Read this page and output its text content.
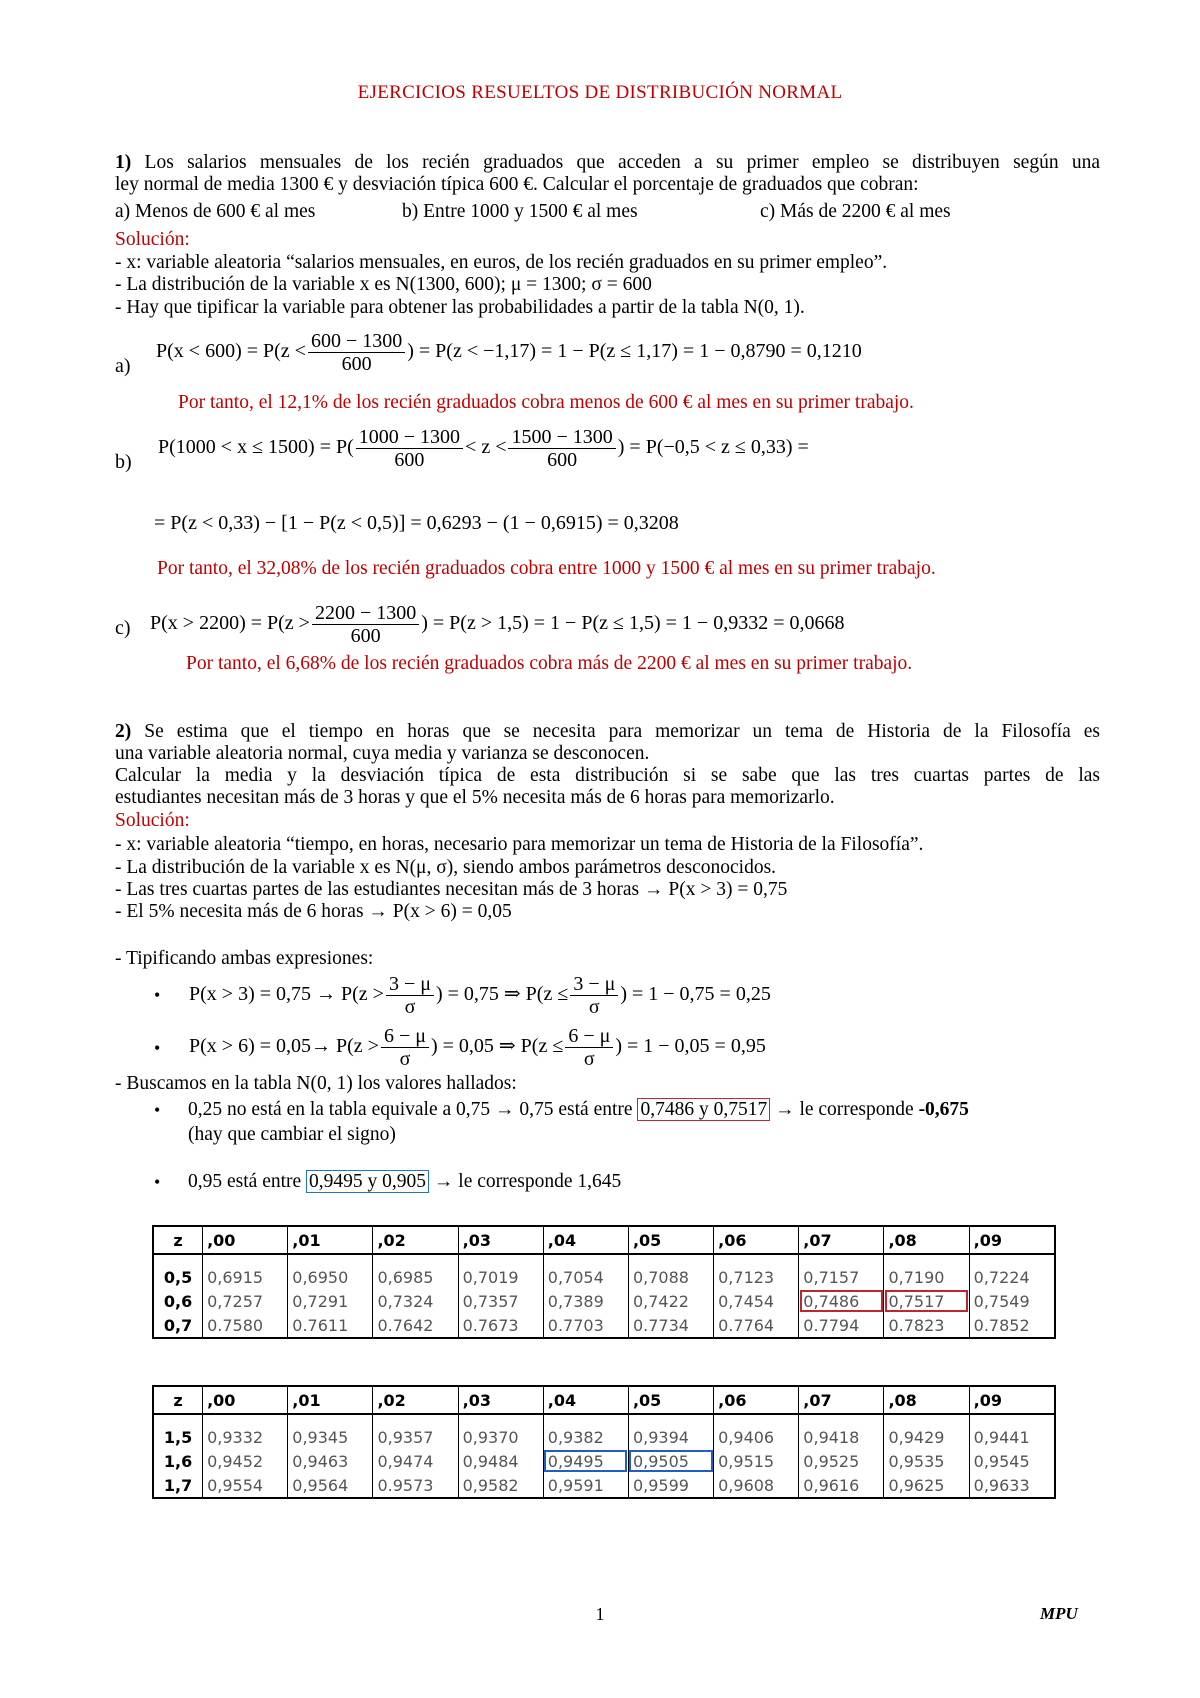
EJERCICIOS RESUELTOS DE DISTRIBUCIÓN NORMAL
1) Los salarios mensuales de los recién graduados que acceden a su primer empleo se distribuyen según una
ley normal de media 1300 € y desviación típica 600 €. Calcular el porcentaje de graduados que cobran:
a) Menos de 600 € al mes	b) Entre 1000 y 1500 € al mes	c) Más de 2200 € al mes
Solución:
- x: variable aleatoria “salarios mensuales, en euros, de los recién graduados en su primer empleo”.
- La distribución de la variable x es N(1300, 600); μ = 1300; σ = 600
- Hay que tipificar la variable para obtener las probabilidades a partir de la tabla N(0, 1).
a)
$P(x < 600) = P(z < \frac{600 - 1300}{600}$ ) = P(z < −1,17) = 1 − P(z ≤ 1,17) = 1 − 0,8790 = 0,1210
Por tanto, el 12,1% de los recién graduados cobra menos de 600 € al mes en su primer trabajo.
b)
$P(1000 < x \le 1500) = P( \frac{1000 - 1300}{600} < z < \frac{1500 - 1300}{600}$ ) = P(−0,5 < z ≤ 0,33) =
= P(z < 0,33) − [1 − P(z < 0,5)] = 0,6293 − (1 − 0,6915) = 0,3208
Por tanto, el 32,08% de los recién graduados cobra entre 1000 y 1500 € al mes en su primer trabajo.
c) $P(x > 2200) = P(z > \frac{2200 - 1300}{600}$ ) = P(z > 1,5) = 1 − P(z ≤ 1,5) = 1 − 0,9332 = 0,0668
Por tanto, el 6,68% de los recién graduados cobra más de 2200 € al mes en su primer trabajo.
2) Se estima que el tiempo en horas que se necesita para memorizar un tema de Historia de la Filosofía es
una variable aleatoria normal, cuya media y varianza se desconocen.
Calcular la media y la desviación típica de esta distribución si se sabe que las tres cuartas partes de las
estudiantes necesitan más de 3 horas y que el 5% necesita más de 6 horas para memorizarlo.
Solución:
- x: variable aleatoria “tiempo, en horas, necesario para memorizar un tema de Historia de la Filosofía”.
- La distribución de la variable x es N(μ, σ), siendo ambos parámetros desconocidos.
- Las tres cuartas partes de las estudiantes necesitan más de 3 horas → P(x > 3) = 0,75
- El 5% necesita más de 6 horas → P(x > 6) = 0,05
- Tipificando ambas expresiones:
• $P(x > 3) = 0,75 \to P(z > \frac{3 - \mu}{\sigma}$ ) = 0,75 ⇒ $P(z \le \frac{3 - \mu}{\sigma}$ ) = 1 − 0,75 = 0,25
• $P(x > 6) = 0,05\to P(z > \frac{6 - \mu}{\sigma}$ ) = 0,05 ⇒ $P(z \le \frac{6 - \mu}{\sigma}$ ) = 1 − 0,05 = 0,95
- Buscamos en la tabla N(0, 1) los valores hallados:
• 0,25 no está en la tabla equivale a 0,75 → 0,75 está entre 0,7486 y 0,7517 → le corresponde -0,675
(hay que cambiar el signo)
• 0,95 está entre 0,9495 y 0,905 → le corresponde 1,645
z	,00	,01	,02	,03	,04	,05	,06	,07	,08	,09

0,5	0,6915	0,6950	0,6985	0,7019	0,7054	0,7088	0,7123	0,7157	0,7190	0,7224
0,6	0,7257	0,7291	0,7324	0,7357	0,7389	0,7422	0,7454	0,7486	0,7517	0,7549
0,7	0.7580	0.7611	0.7642	0.7673	0.7703	0.7734	0.7764	0.7794	0.7823	0.7852
z	,00	,01	,02	,03	,04	,05	,06	,07	,08	,09

1,5	0,9332	0,9345	0,9357	0,9370	0,9382	0,9394	0,9406	0,9418	0,9429	0,9441
1,6	0,9452	0,9463	0,9474	0,9484	0,9495	0,9505	0,9515	0,9525	0,9535	0,9545
1,7	0,9554	0,9564	0.9573	0,9582	0,9591	0,9599	0,9608	0,9616	0,9625	0,9633
1	MPU
